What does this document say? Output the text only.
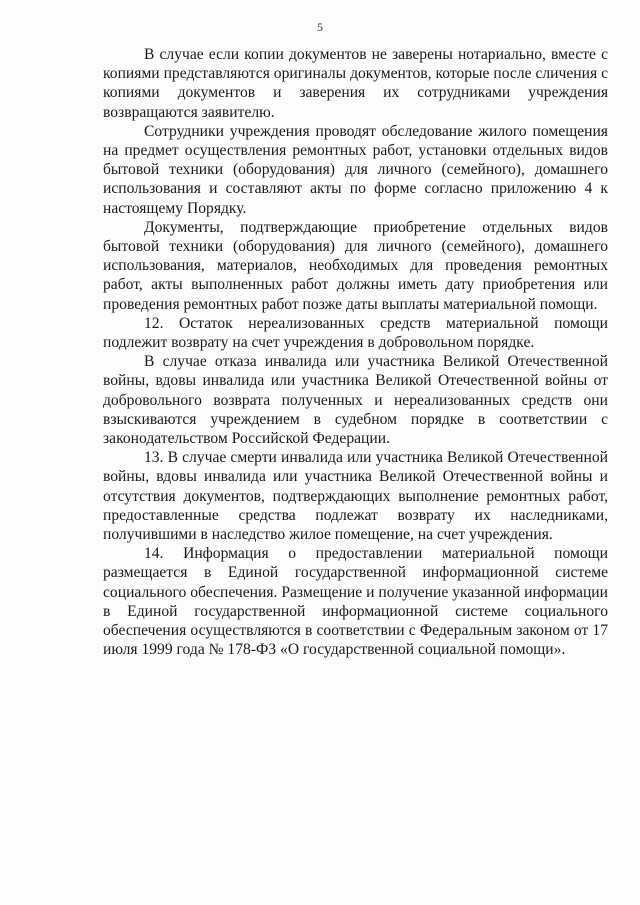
5

В случае если копии документов не заверены нотариально, вместе с копиями представляются оригиналы документов, которые после сличения с копиями документов и заверения их сотрудниками учреждения возвращаются заявителю.

Сотрудники учреждения проводят обследование жилого помещения на предмет осуществления ремонтных работ, установки отдельных видов бытовой техники (оборудования) для личного (семейного), домашнего использования и составляют акты по форме согласно приложению 4 к настоящему Порядку.

Документы, подтверждающие приобретение отдельных видов бытовой техники (оборудования) для личного (семейного), домашнего использования, материалов, необходимых для проведения ремонтных работ, акты выполненных работ должны иметь дату приобретения или проведения ремонтных работ позже даты выплаты материальной помощи.

12. Остаток нереализованных средств материальной помощи подлежит возврату на счет учреждения в добровольном порядке.

В случае отказа инвалида или участника Великой Отечественной войны, вдовы инвалида или участника Великой Отечественной войны от добровольного возврата полученных и нереализованных средств они взыскиваются учреждением в судебном порядке в соответствии с законодательством Российской Федерации.

13. В случае смерти инвалида или участника Великой Отечественной войны, вдовы инвалида или участника Великой Отечественной войны и отсутствия документов, подтверждающих выполнение ремонтных работ, предоставленные средства подлежат возврату их наследниками, получившими в наследство жилое помещение, на счет учреждения.

14. Информация о предоставлении материальной помощи размещается в Единой государственной информационной системе социального обеспечения. Размещение и получение указанной информации в Единой государственной информационной системе социального обеспечения осуществляются в соответствии с Федеральным законом от 17 июля 1999 года № 178-ФЗ «О государственной социальной помощи».
